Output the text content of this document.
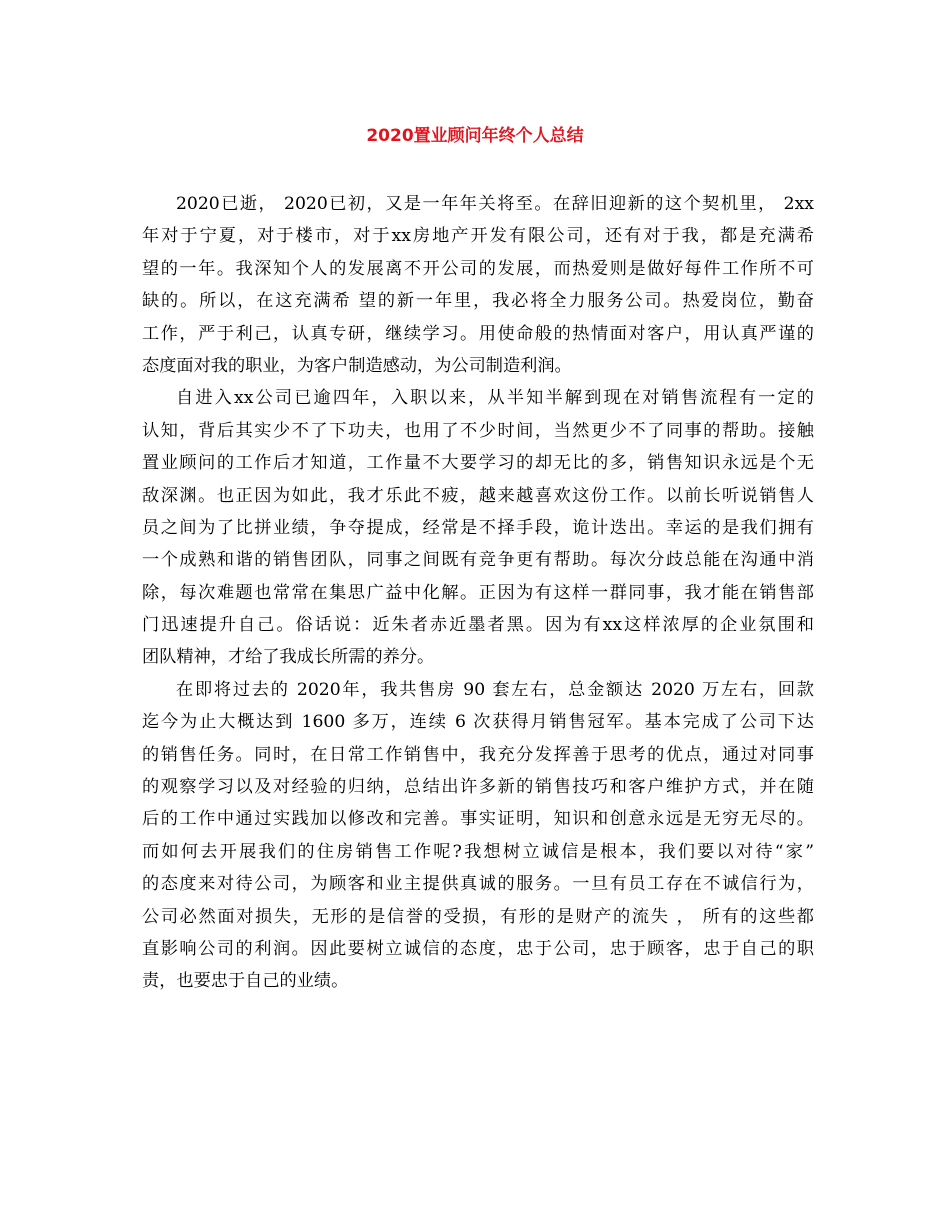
2020置业顾问年终个人总结
2020已逝， 2020已初，又是一年年关将至。在辞旧迎新的这个契机里， 2xx
年对于宁夏，对于楼市，对于xx房地产开发有限公司，还有对于我，都是充满希
望的一年。我深知个人的发展离不开公司的发展，而热爱则是做好每件工作所不可
缺的。所以，在这充满希 望的新一年里，我必将全力服务公司。热爱岗位，勤奋
工作，严于利己，认真专研，继续学习。用使命般的热情面对客户，用认真严谨的
态度面对我的职业，为客户制造感动，为公司制造利润。
自进入xx公司已逾四年，入职以来，从半知半解到现在对销售流程有一定的
认知，背后其实少不了下功夫，也用了不少时间，当然更少不了同事的帮助。接触
置业顾问的工作后才知道，工作量不大要学习的却无比的多，销售知识永远是个无
敌深渊。也正因为如此，我才乐此不疲，越来越喜欢这份工作。以前长听说销售人
员之间为了比拼业绩，争夺提成，经常是不择手段，诡计迭出。幸运的是我们拥有
一个成熟和谐的销售团队，同事之间既有竞争更有帮助。每次分歧总能在沟通中消
除，每次难题也常常在集思广益中化解。正因为有这样一群同事，我才能在销售部
门迅速提升自己。俗话说：近朱者赤近墨者黑。因为有xx这样浓厚的企业氛围和
团队精神，才给了我成长所需的养分。
在即将过去的 2020年，我共售房 90 套左右，总金额达 2020 万左右，回款
迄今为止大概达到 1600 多万，连续 6 次获得月销售冠军。基本完成了公司下达
的销售任务。同时，在日常工作销售中，我充分发挥善于思考的优点，通过对同事
的观察学习以及对经验的归纳，总结出许多新的销售技巧和客户维护方式，并在随
后的工作中通过实践加以修改和完善。事实证明，知识和创意永远是无穷无尽的。
而如何去开展我们的住房销售工作呢?我想树立诚信是根本，我们要以对待“家”
的态度来对待公司，为顾客和业主提供真诚的服务。一旦有员工存在不诚信行为，
公司必然面对损失，无形的是信誉的受损，有形的是财产的流失 ， 所有的这些都
直影响公司的利润。因此要树立诚信的态度，忠于公司，忠于顾客，忠于自己的职
责，也要忠于自己的业绩。
